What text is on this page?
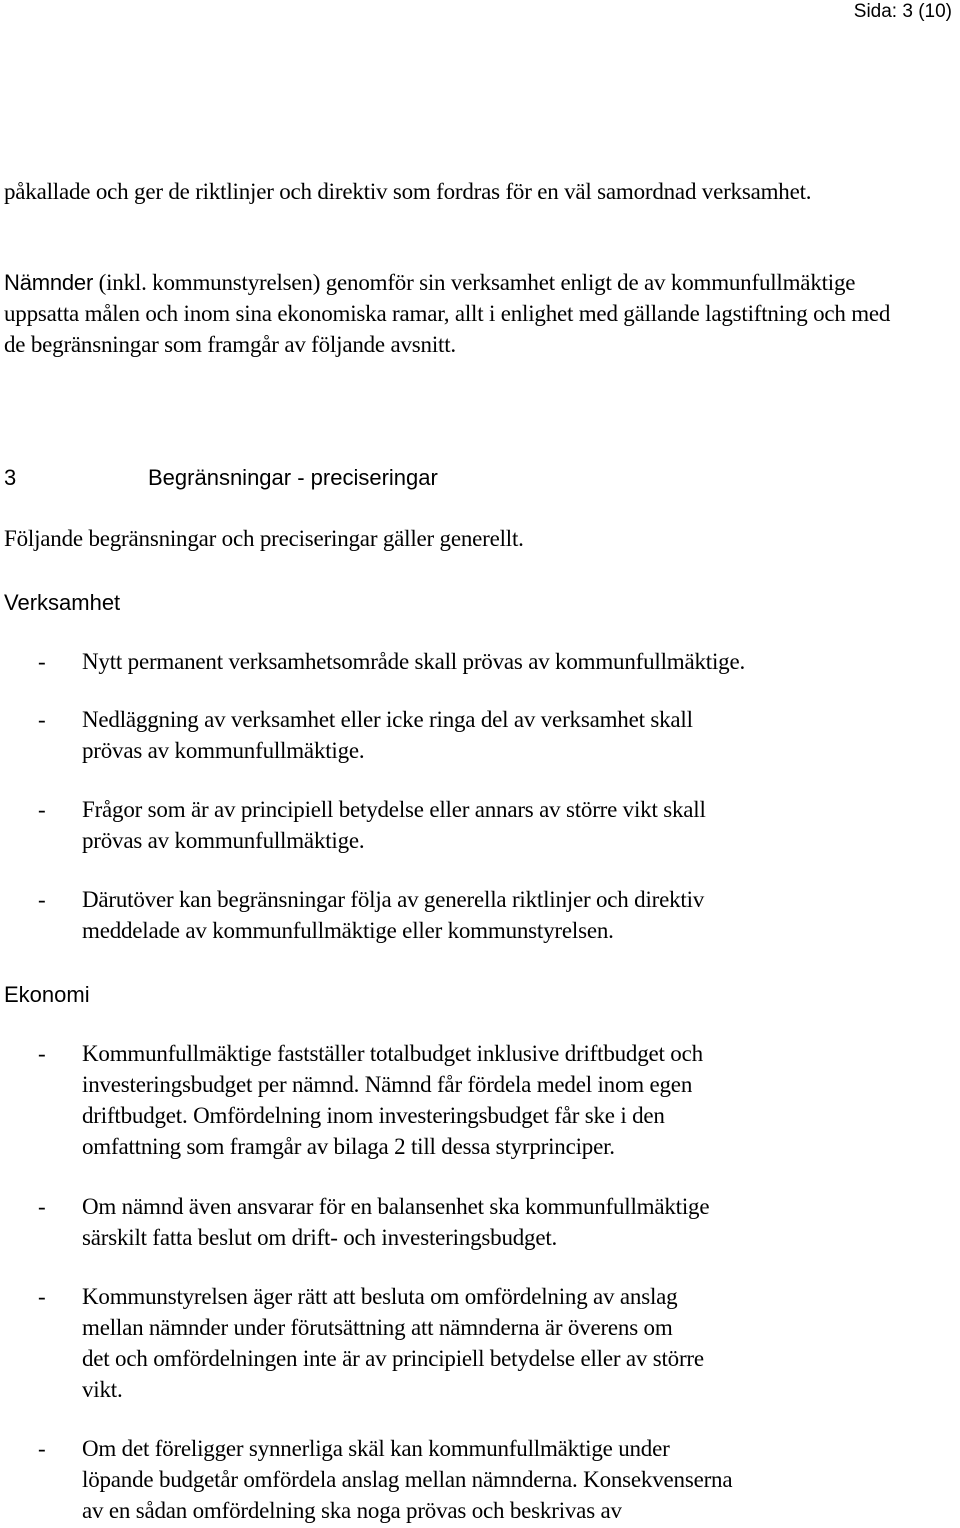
Sida: 3 (10)

påkallade och ger de riktlinjer och direktiv som fordras för en väl samordnad verksamhet.

Nämnder (inkl. kommunstyrelsen) genomför sin verksamhet enligt de av kommunfullmäktige uppsatta målen och inom sina ekonomiska ramar, allt i enlighet med gällande lagstiftning och med de begränsningar som framgår av följande avsnitt.

3	Begränsningar - preciseringar

Följande begränsningar och preciseringar gäller generellt.

Verksamhet
- Nytt permanent verksamhetsområde skall prövas av kommunfullmäktige.
- Nedläggning av verksamhet eller icke ringa del av verksamhet skall
prövas av kommunfullmäktige.
- Frågor som är av principiell betydelse eller annars av större vikt skall
prövas av kommunfullmäktige.
- Därutöver kan begränsningar följa av generella riktlinjer och direktiv
meddelade av kommunfullmäktige eller kommunstyrelsen.
Ekonomi
- Kommunfullmäktige fastställer totalbudget inklusive driftbudget och
investeringsbudget per nämnd. Nämnd får fördela medel inom egen
driftbudget. Omfördelning inom investeringsbudget får ske i den
omfattning som framgår av bilaga 2 till dessa styrprinciper.
- Om nämnd även ansvarar för en balansenhet ska kommunfullmäktige
särskilt fatta beslut om drift- och investeringsbudget.
- Kommunstyrelsen äger rätt att besluta om omfördelning av anslag
mellan nämnder under förutsättning att nämnderna är överens om
det och omfördelningen inte är av principiell betydelse eller av större
vikt.
- Om det föreligger synnerliga skäl kan kommunfullmäktige under
löpande budgetår omfördela anslag mellan nämnderna. Konsekvenserna
av en sådan omfördelning ska noga prövas och beskrivas av
